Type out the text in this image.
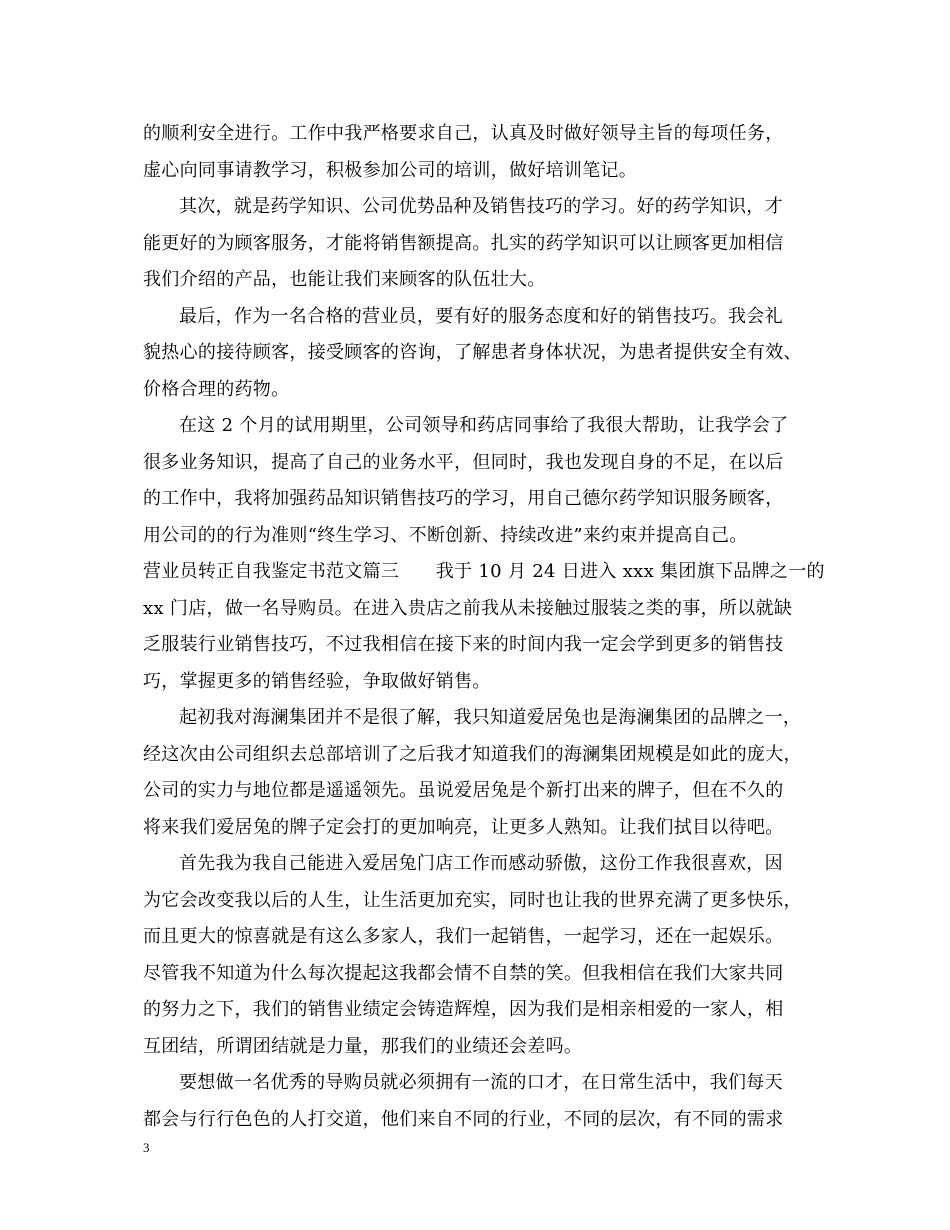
的顺利安全进行。工作中我严格要求自己，认真及时做好领导主旨的每项任务，
虚心向同事请教学习，积极参加公司的培训，做好培训笔记。
其次，就是药学知识、公司优势品种及销售技巧的学习。好的药学知识，才
能更好的为顾客服务，才能将销售额提高。扎实的药学知识可以让顾客更加相信
我们介绍的产品，也能让我们来顾客的队伍壮大。
最后，作为一名合格的营业员，要有好的服务态度和好的销售技巧。我会礼
貌热心的接待顾客，接受顾客的咨询，了解患者身体状况，为患者提供安全有效、
价格合理的药物。
在这 2 个月的试用期里，公司领导和药店同事给了我很大帮助，让我学会了
很多业务知识，提高了自己的业务水平，但同时，我也发现自身的不足，在以后
的工作中，我将加强药品知识销售技巧的学习，用自己德尔药学知识服务顾客，
用公司的的行为准则“终生学习、不断创新、持续改进”来约束并提高自己。
营业员转正自我鉴定书范文篇三　　我于 10 月 24 日进入 xxx 集团旗下品牌之一的
xx 门店，做一名导购员。在进入贵店之前我从未接触过服装之类的事，所以就缺
乏服装行业销售技巧，不过我相信在接下来的时间内我一定会学到更多的销售技
巧，掌握更多的销售经验，争取做好销售。
起初我对海澜集团并不是很了解，我只知道爱居兔也是海澜集团的品牌之一，
经这次由公司组织去总部培训了之后我才知道我们的海澜集团规模是如此的庞大，
公司的实力与地位都是遥遥领先。虽说爱居兔是个新打出来的牌子，但在不久的
将来我们爱居兔的牌子定会打的更加响亮，让更多人熟知。让我们拭目以待吧。
首先我为我自己能进入爱居兔门店工作而感动骄傲，这份工作我很喜欢，因
为它会改变我以后的人生，让生活更加充实，同时也让我的世界充满了更多快乐，
而且更大的惊喜就是有这么多家人，我们一起销售，一起学习，还在一起娱乐。
尽管我不知道为什么每次提起这我都会情不自禁的笑。但我相信在我们大家共同
的努力之下，我们的销售业绩定会铸造辉煌，因为我们是相亲相爱的一家人，相
互团结，所谓团结就是力量，那我们的业绩还会差吗。
要想做一名优秀的导购员就必须拥有一流的口才，在日常生活中，我们每天
都会与行行色色的人打交道，他们来自不同的行业，不同的层次，有不同的需求
3
